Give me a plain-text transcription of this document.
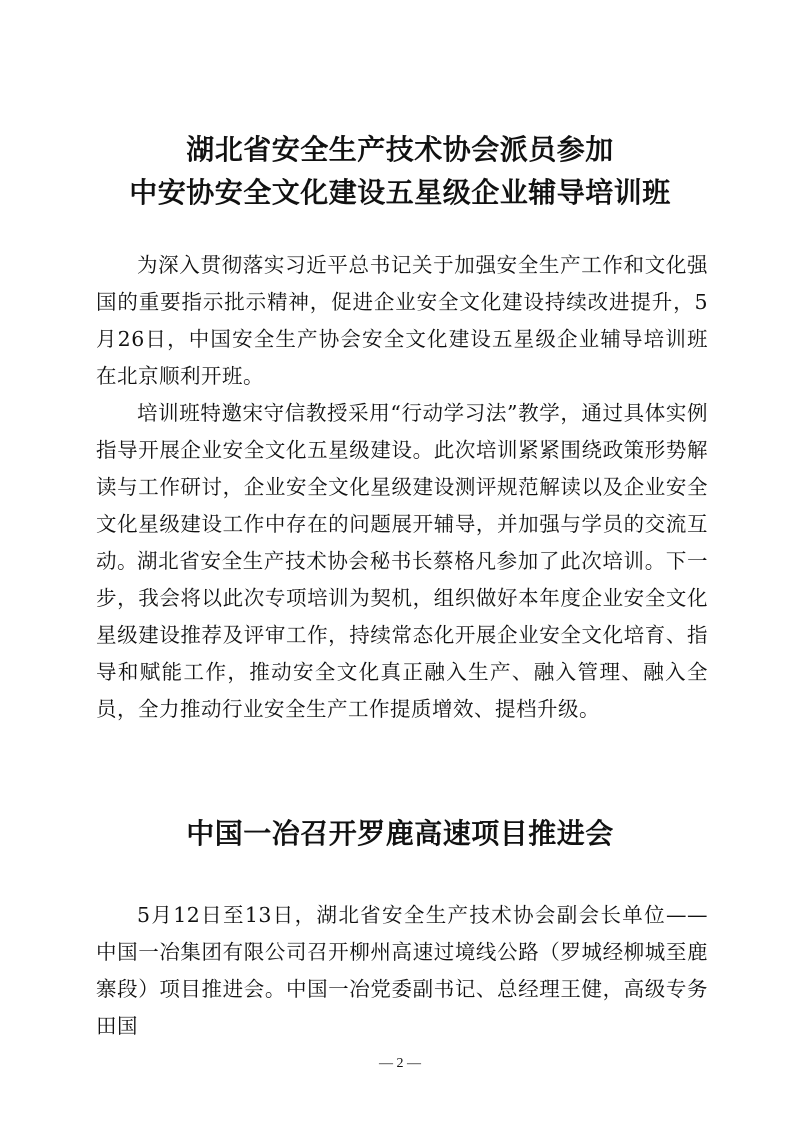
湖北省安全生产技术协会派员参加
中安协安全文化建设五星级企业辅导培训班

为深入贯彻落实习近平总书记关于加强安全生产工作和文化强国的重要指示批示精神，促进企业安全文化建设持续改进提升，5月26日，中国安全生产协会安全文化建设五星级企业辅导培训班在北京顺利开班。

培训班特邀宋守信教授采用“行动学习法”教学，通过具体实例指导开展企业安全文化五星级建设。此次培训紧紧围绕政策形势解读与工作研讨，企业安全文化星级建设测评规范解读以及企业安全文化星级建设工作中存在的问题展开辅导，并加强与学员的交流互动。 湖北省安全生产技术协会秘书长蔡格凡参加了此次培训。下一步，我会将以此次专项培训为契机，组织做好本年度企业安全文化星级建设推荐及评审工作，持续常态化开展企业安全文化培育、指导和赋能工作，推动安全文化真正融入生产、融入管理、融入全员，全力推动行业安全生产工作提质增效、提档升级。

中国一冶召开罗鹿高速项目推进会

5月12日至13日，湖北省安全生产技术协会副会长单位——中国一冶集团有限公司召开柳州高速过境线公路（罗城经柳城至鹿寨段）项目推进会。中国一冶党委副书记、总经理王健，高级专务田国

— 2 —
